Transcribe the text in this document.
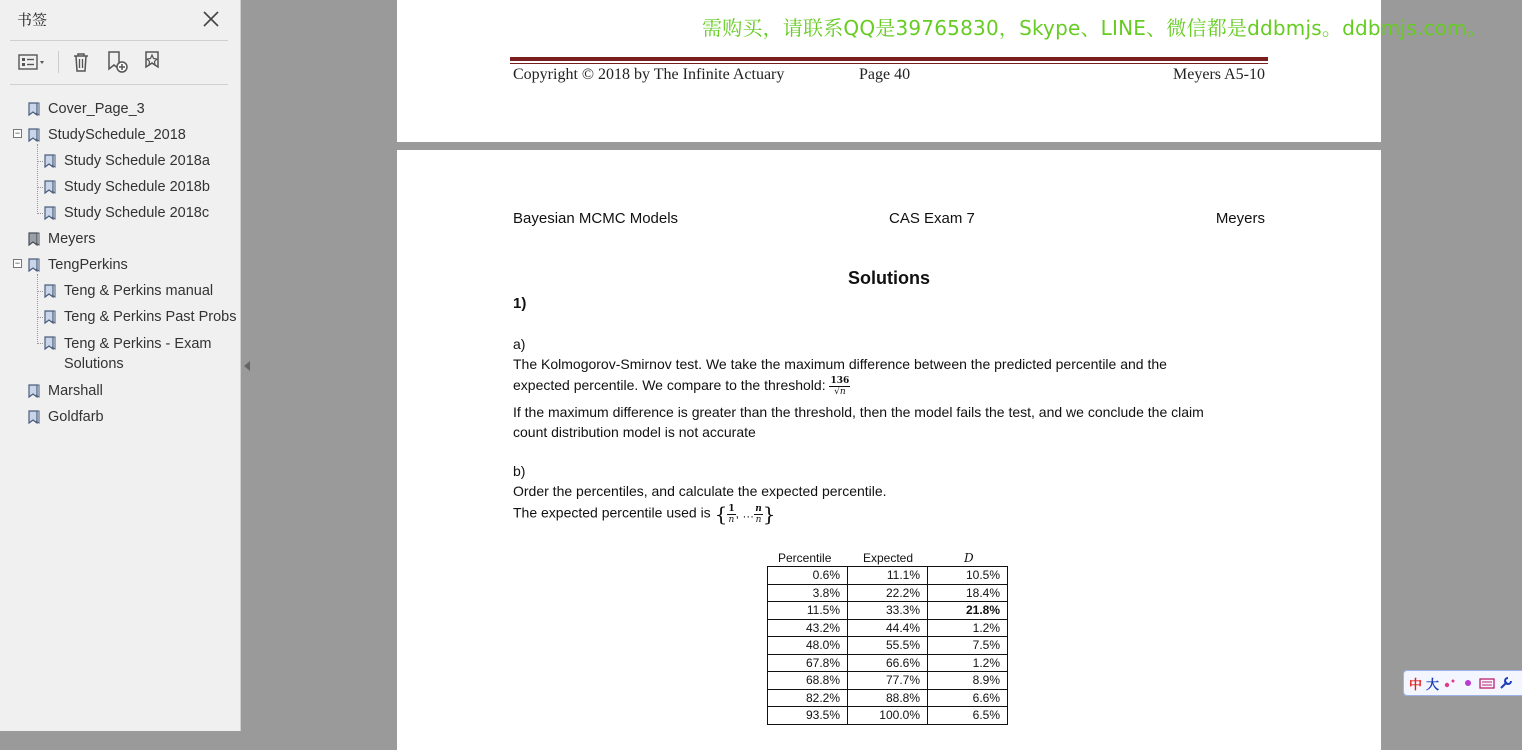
书签
Cover_Page_3
− StudySchedule_2018
Study Schedule 2018a
Study Schedule 2018b
Study Schedule 2018c
Meyers
− TengPerkins
Teng & Perkins manual
Teng & Perkins Past Probs
Teng & Perkins - Exam
Solutions
Marshall
Goldfarb
Copyright © 2018 by The Infinite Actuary	Page 40	Meyers A5-10
Bayesian MCMC Models	CAS Exam 7	Meyers
Solutions
1)
a)
The Kolmogorov-Smirnov test. We take the maximum difference between the predicted percentile and the
expected percentile. We compare to the threshold: $\frac{136}{√n}$
If the maximum difference is greater than the threshold, then the model fails the test, and we conclude the claim
count distribution model is not accurate
b)
Order the percentiles, and calculate the expected percentile.
The expected percentile used is { $\frac{1}{n}$ , … $\frac{n}{n}$ }
Percentile	Expected	D
0.6%	11.1%	10.5%
3.8%	22.2%	18.4%
11.5%	33.3%	21.8%
43.2%	44.4%	1.2%
48.0%	55.5%	7.5%
67.8%	66.6%	1.2%
68.8%	77.7%	8.9%
82.2%	88.8%	6.6%
93.5%	100.0%	6.5%
需购买，请联系QQ是39765830，Skype、LINE、微信都是ddbmjs。ddbmjs.com。
中 大
